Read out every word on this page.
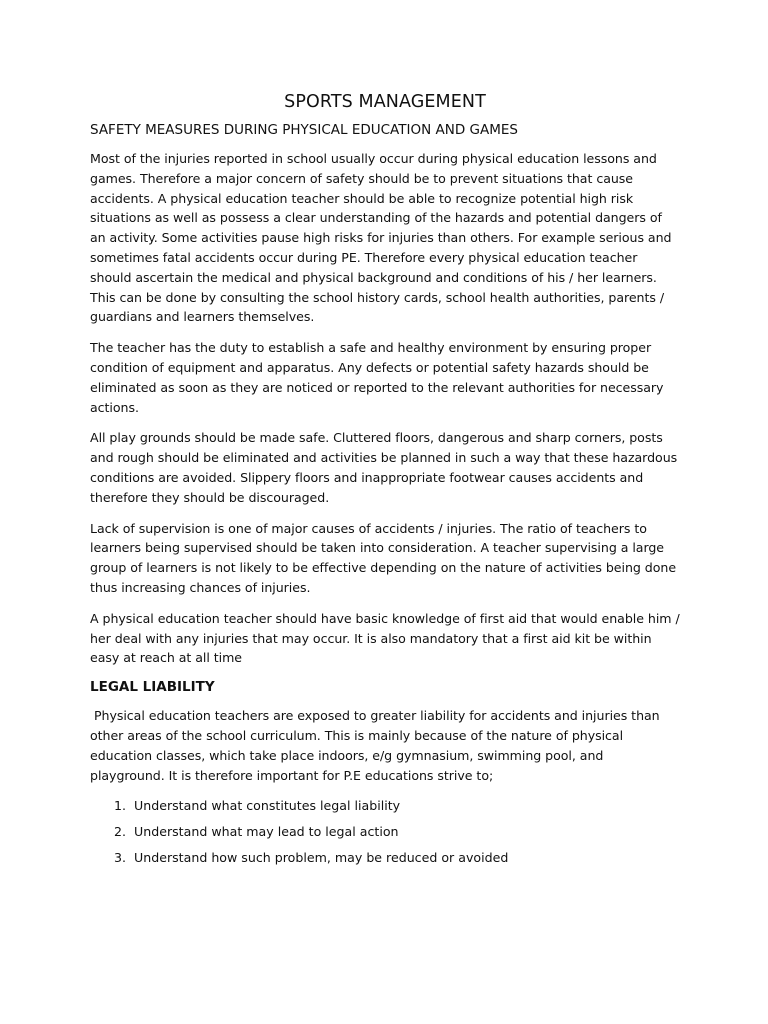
SPORTS MANAGEMENT
SAFETY MEASURES DURING PHYSICAL EDUCATION AND GAMES

Most of the injuries reported in school usually occur during physical education lessons and games. Therefore a major concern of safety should be to prevent situations that cause accidents. A physical education teacher should be able to recognize potential high risk situations as well as possess a clear understanding of the hazards and potential dangers of an activity. Some activities pause high risks for injuries than others. For example serious and sometimes fatal accidents occur during PE. Therefore every physical education teacher should ascertain the medical and physical background and conditions of his / her learners. This can be done by consulting the school history cards, school health authorities, parents / guardians and learners themselves.

The teacher has the duty to establish a safe and healthy environment by ensuring proper condition of equipment and apparatus. Any defects or potential safety hazards should be eliminated as soon as they are noticed or reported to the relevant authorities for necessary actions.

All play grounds should be made safe. Cluttered floors, dangerous and sharp corners, posts and rough should be eliminated and activities be planned in such a way that these hazardous conditions are avoided. Slippery floors and inappropriate footwear causes accidents and therefore they should be discouraged.

Lack of supervision is one of major causes of accidents / injuries. The ratio of teachers to learners being supervised should be taken into consideration. A teacher supervising a large group of learners is not likely to be effective depending on the nature of activities being done thus increasing chances of injuries.

A physical education teacher should have basic knowledge of first aid that would enable him / her deal with any injuries that may occur. It is also mandatory that a first aid kit be within easy at reach at all time

LEGAL LIABILITY

Physical education teachers are exposed to greater liability for accidents and injuries than other areas of the school curriculum. This is mainly because of the nature of physical education classes, which take place indoors, e/g gymnasium, swimming pool, and playground. It is therefore important for P.E educations strive to;

1. Understand what constitutes legal liability
2. Understand what may lead to legal action
3. Understand how such problem, may be reduced or avoided
